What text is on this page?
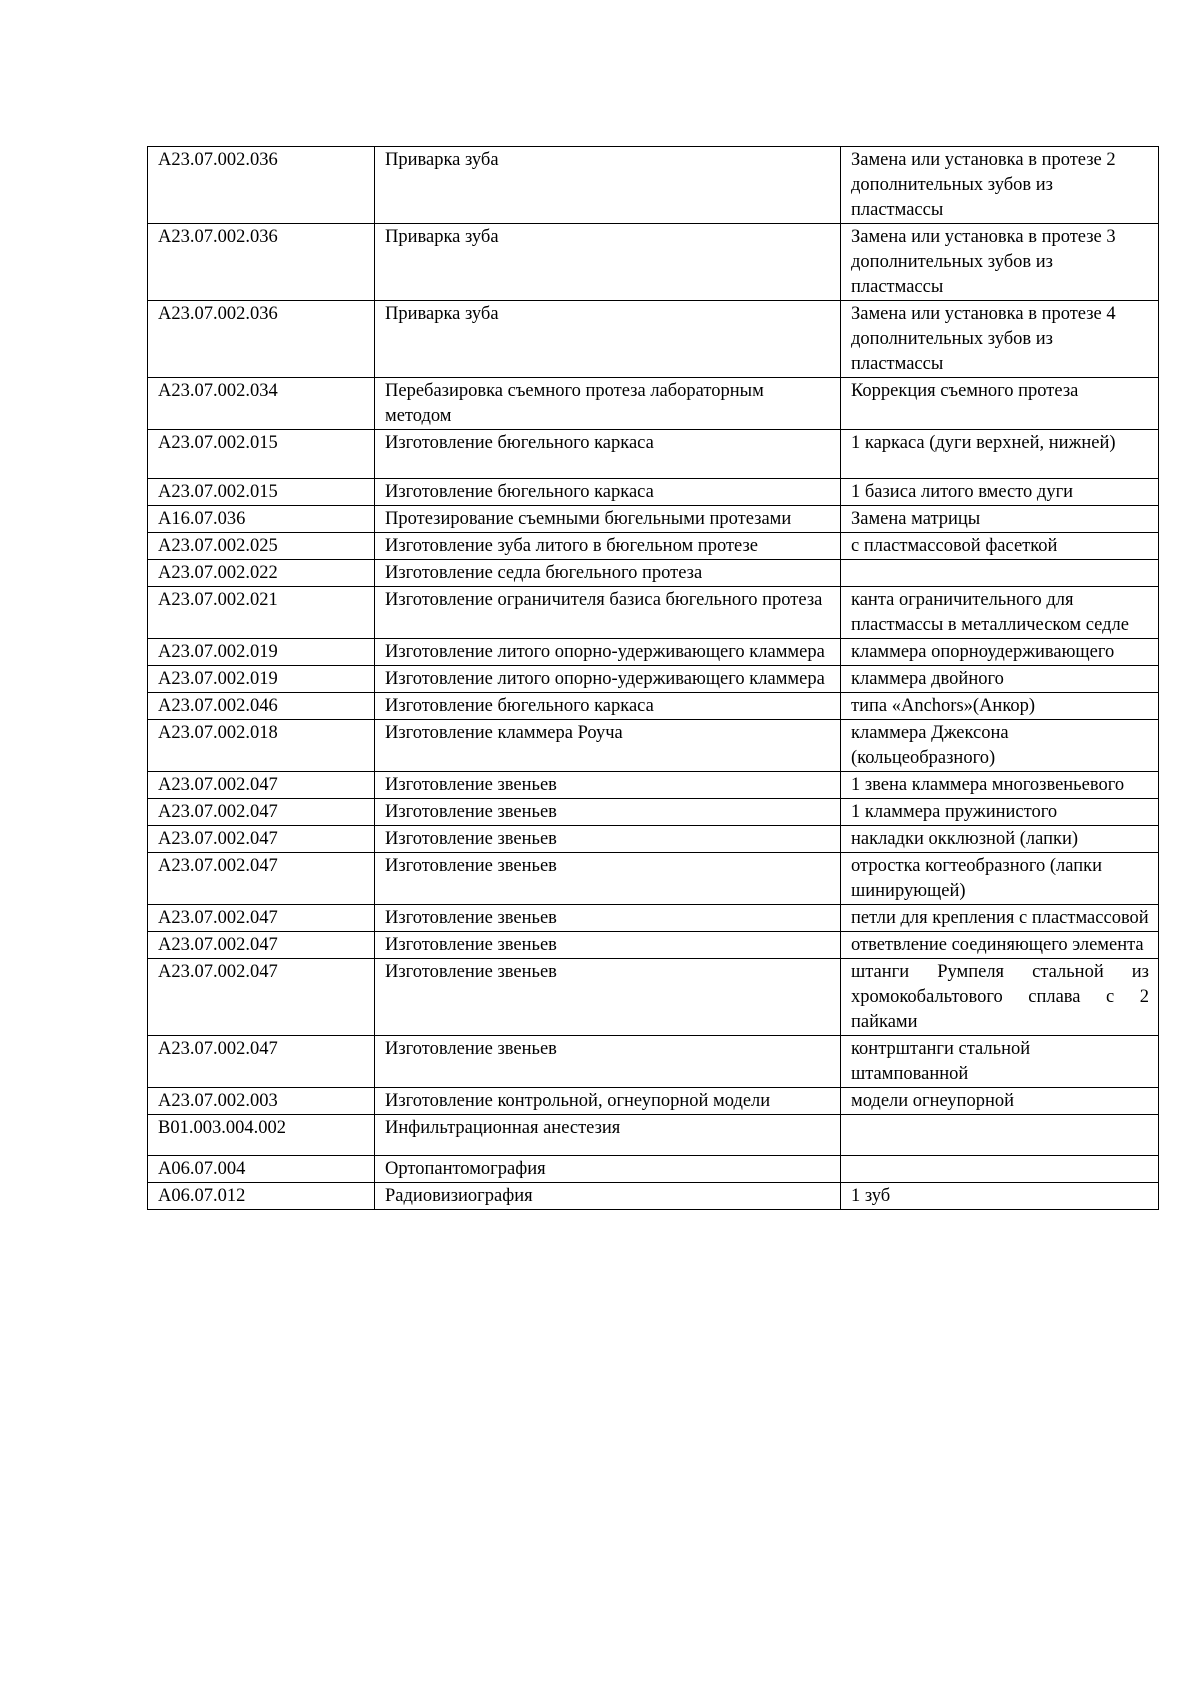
А23.07.002.036	Приварка зуба	Замена или установка в протезе 2 дополнительных зубов из пластмассы
А23.07.002.036	Приварка зуба	Замена или установка в протезе 3 дополнительных зубов из пластмассы
А23.07.002.036	Приварка зуба	Замена или установка в протезе 4 дополнительных зубов из пластмассы
А23.07.002.034	Перебазировка съемного протеза лабораторным методом	Коррекция съемного протеза
А23.07.002.015	Изготовление бюгельного каркаса	1 каркаса (дуги верхней, нижней)
А23.07.002.015	Изготовление бюгельного каркаса	1 базиса литого вместо дуги
А16.07.036	Протезирование съемными бюгельными протезами	Замена матрицы
А23.07.002.025	Изготовление зуба литого в бюгельном протезе	с пластмассовой фасеткой
А23.07.002.022	Изготовление седла бюгельного протеза	
А23.07.002.021	Изготовление ограничителя базиса бюгельного протеза	канта ограничительного для пластмассы в металлическом седле
А23.07.002.019	Изготовление литого опорно-удерживающего кламмера	кламмера опорноудерживающего
А23.07.002.019	Изготовление литого опорно-удерживающего кламмера	кламмера двойного
А23.07.002.046	Изготовление бюгельного каркаса	типа «Anchors»(Анкор)
А23.07.002.018	Изготовление кламмера Роуча	кламмера Джексона (кольцеобразного)
А23.07.002.047	Изготовление звеньев	1 звена кламмера многозвеньевого
А23.07.002.047	Изготовление звеньев	1 кламмера пружинистого
А23.07.002.047	Изготовление звеньев	накладки окклюзной (лапки)
А23.07.002.047	Изготовление звеньев	отростка когтеобразного (лапки шинирующей)
А23.07.002.047	Изготовление звеньев	петли для крепления с пластмассовой
А23.07.002.047	Изготовление звеньев	ответвление соединяющего элемента
А23.07.002.047	Изготовление звеньев	штанги Румпеля стальной из хромокобальтового сплава с 2 пайками
А23.07.002.047	Изготовление звеньев	контрштанги стальной штампованной
А23.07.002.003	Изготовление контрольной, огнеупорной модели	модели огнеупорной
В01.003.004.002	Инфильтрационная анестезия	
А06.07.004	Ортопантомография	
А06.07.012	Радиовизиография	1 зуб
